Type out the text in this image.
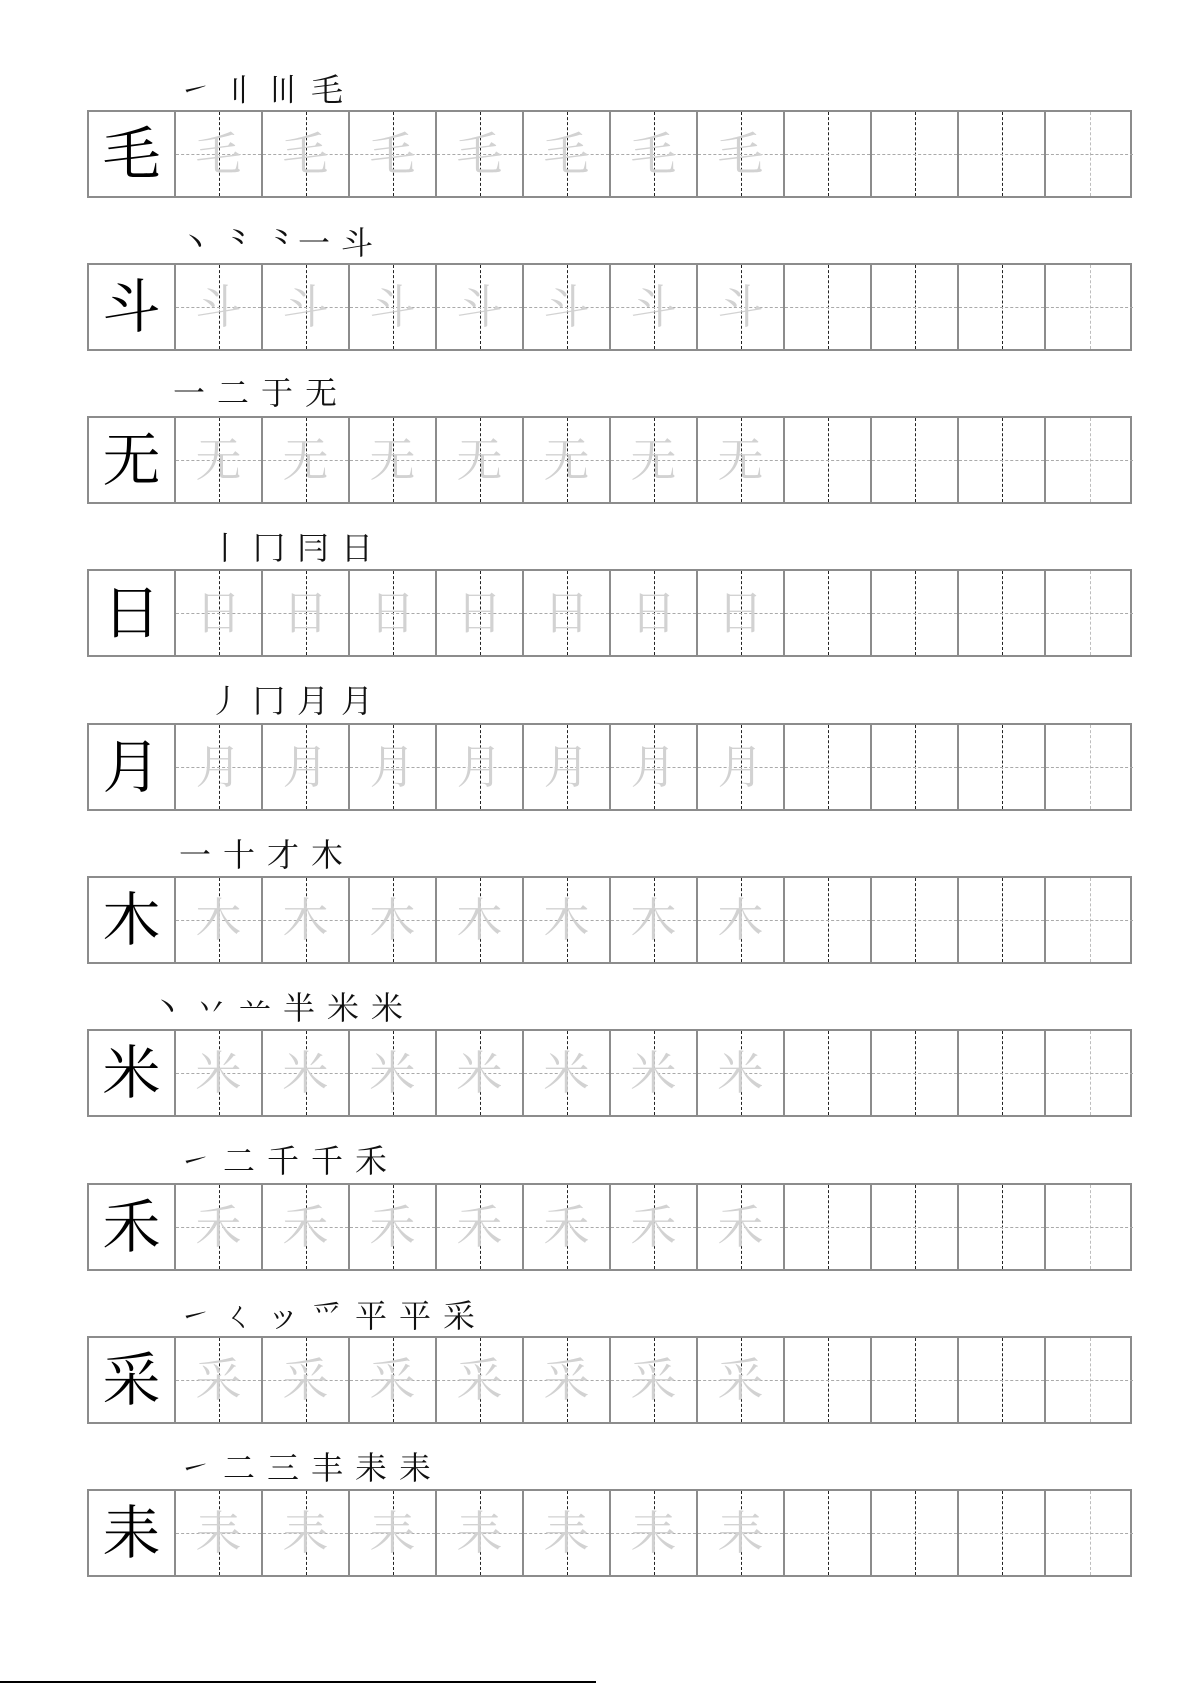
㇀ 〢 〣 毛
毛 毛 毛 毛 毛 毛 毛 毛
丶 ⺀ ⺀一 斗
斗 斗 斗 斗 斗 斗 斗 斗
一 二 于 无
无 无 无 无 无 无 无 无
丨 冂 冃 日
日 日 日 日 日 日 日 日
丿 冂 月 月
月 月 月 月 月 月 月 月
一 十 才 木
木 木 木 木 木 木 木 木
丶 丷 䒑 半 米 米
米 米 米 米 米 米 米 米
㇀ 二 千 千 禾
禾 禾 禾 禾 禾 禾 禾 禾
㇀ ㄑ ッ 爫 平 平 采
采 采 采 采 采 采 采 采
㇀ 二 三 丰 耒 耒
耒 耒 耒 耒 耒 耒 耒 耒
